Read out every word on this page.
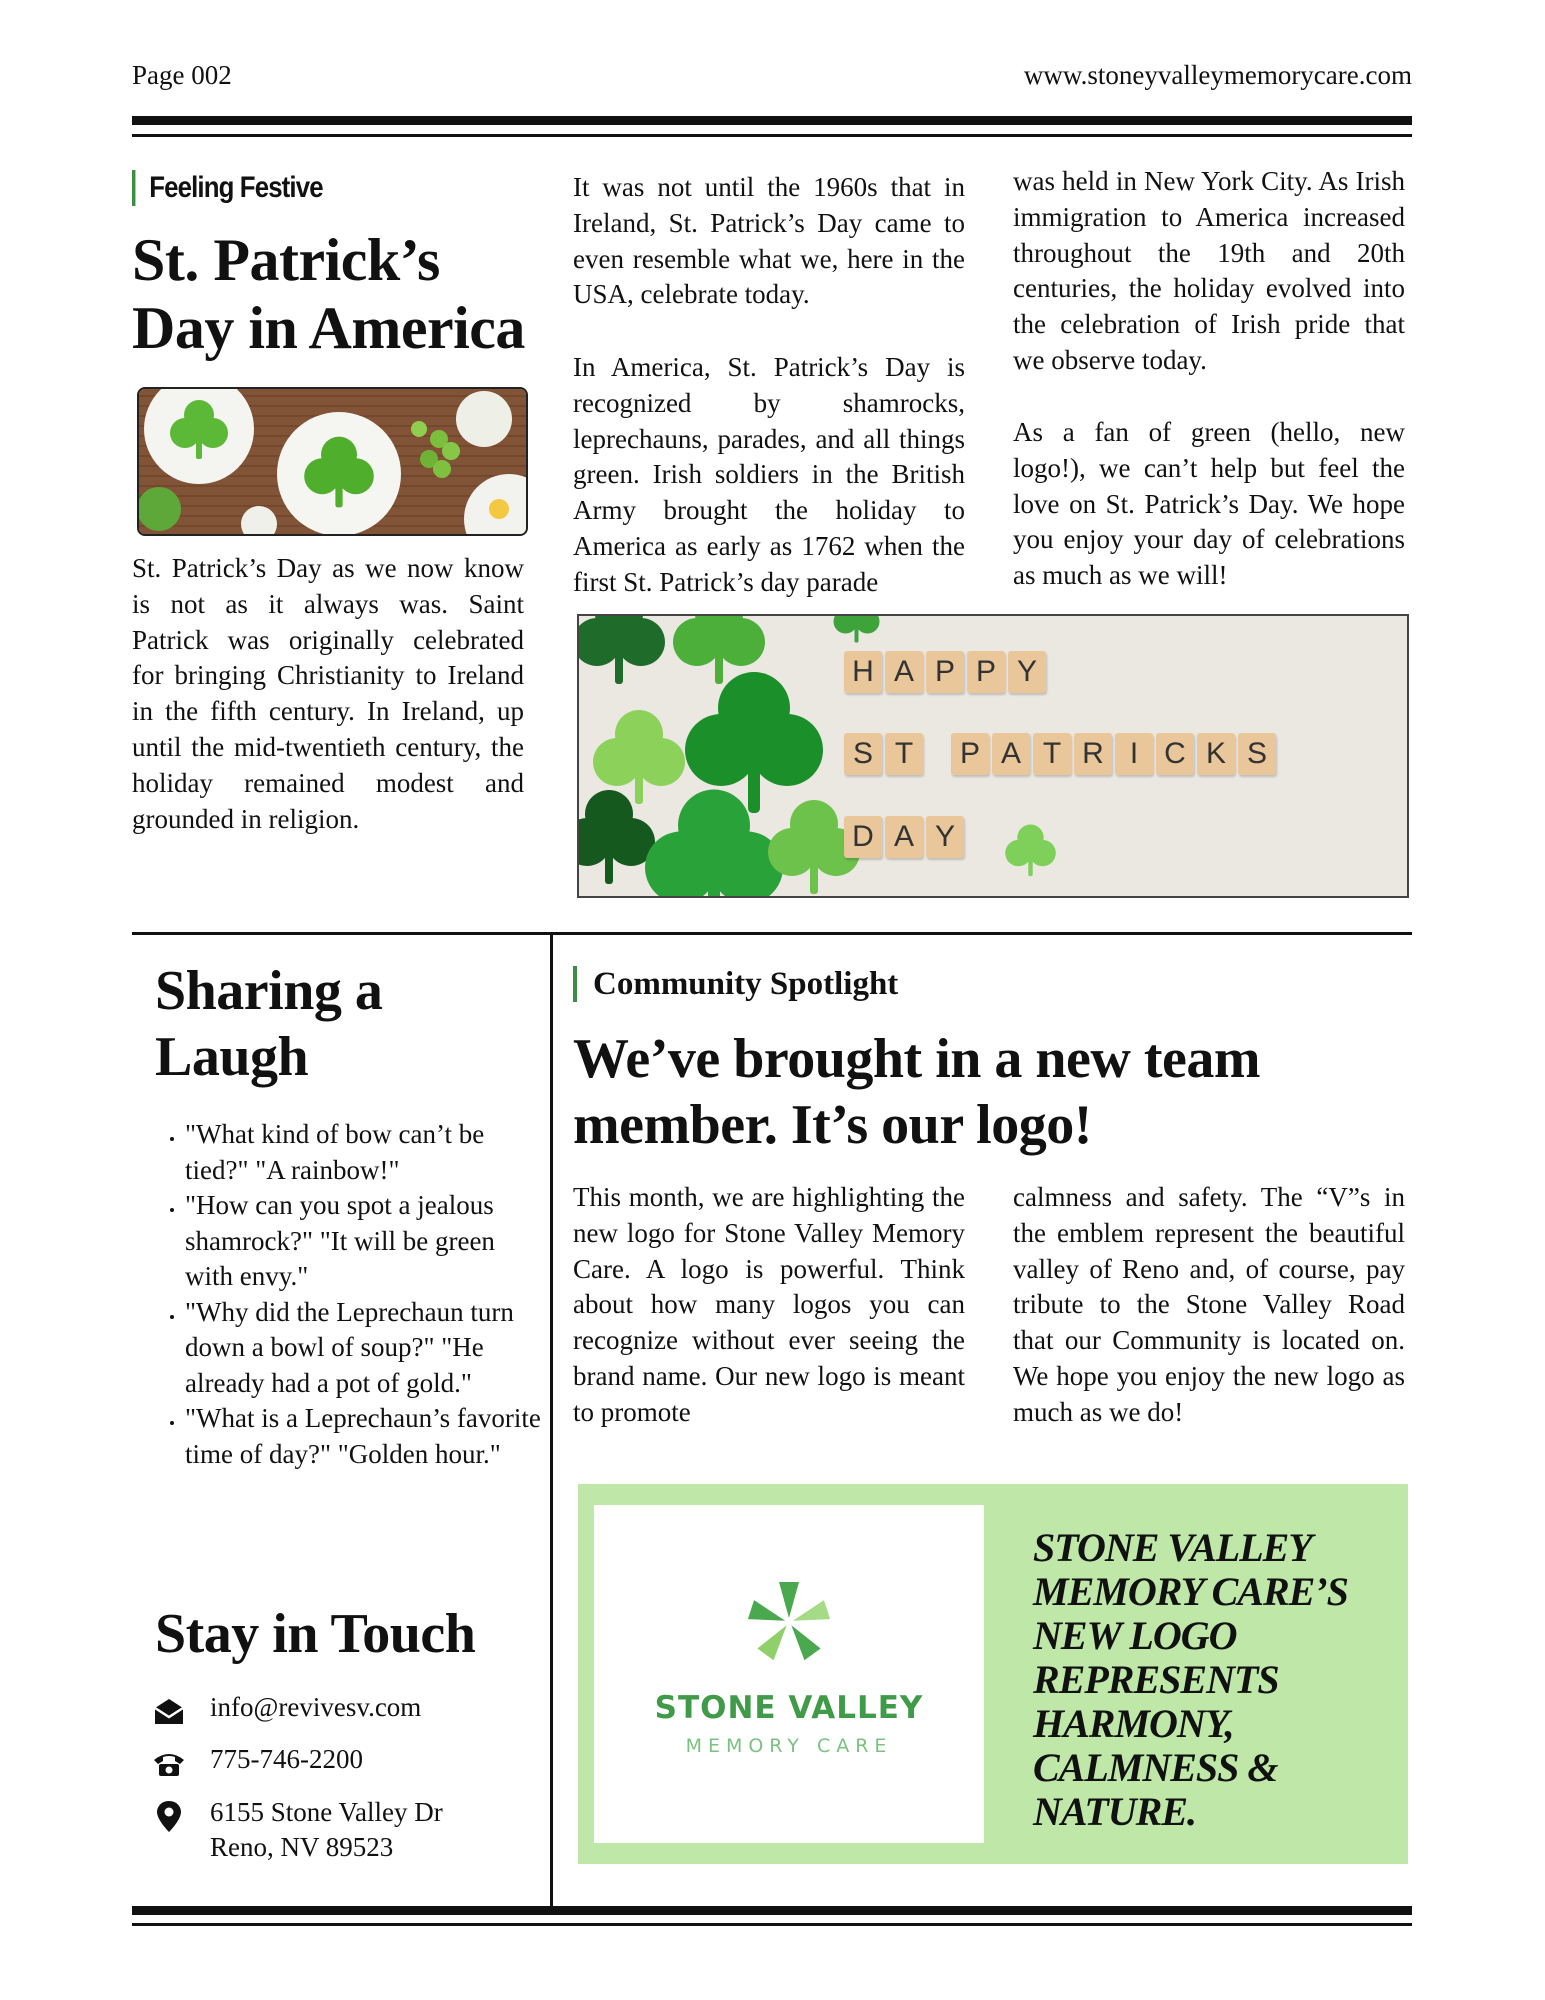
Page 002	www.stoneyvalleymemorycare.com
Feeling Festive
St. Patrick’s
Day in America
St. Patrick’s Day as we now know is not as it always was. Saint Patrick was originally celebrated for bringing Christianity to Ireland in the fifth century. In Ireland, up until the mid-twentieth century, the holiday remained modest and grounded in religion.
It was not until the 1960s that in Ireland, St. Patrick’s Day came to even resemble what we, here in the USA, celebrate today.
In America, St. Patrick’s Day is recognized by shamrocks, leprechauns, parades, and all things green. Irish soldiers in the British Army brought the holiday to America as early as 1762 when the first St. Patrick’s day parade
was held in New York City. As Irish immigration to America increased throughout the 19th and 20th centuries, the holiday evolved into the celebration of Irish pride that we observe today.
As a fan of green (hello, new logo!), we can’t help but feel the love on St. Patrick’s Day. We hope you enjoy your day of celebrations as much as we will!
H A P P Y
S T	P A T R I C K S
D A Y
Sharing a
Laugh
• "What kind of bow can’t be tied?" "A rainbow!"
• "How can you spot a jealous shamrock?" "It will be green with envy."
• "Why did the Leprechaun turn down a bowl of soup?" "He already had a pot of gold."
• "What is a Leprechaun’s favorite time of day?" "Golden hour."
Stay in Touch
info@revivesv.com
775-746-2200
6155 Stone Valley Dr
Reno, NV 89523
Community Spotlight
We’ve brought in a new team
member. It’s our logo!
This month, we are highlighting the new logo for Stone Valley Memory Care. A logo is powerful. Think about how many logos you can recognize without ever seeing the brand name. Our new logo is meant to promote
calmness and safety. The “V”s in the emblem represent the beautiful valley of Reno and, of course, pay tribute to the Stone Valley Road that our Community is located on. We hope you enjoy the new logo as much as we do!
STONE VALLEY
MEMORY CARE
STONE VALLEY MEMORY CARE’S NEW LOGO REPRESENTS HARMONY, CALMNESS & NATURE.
